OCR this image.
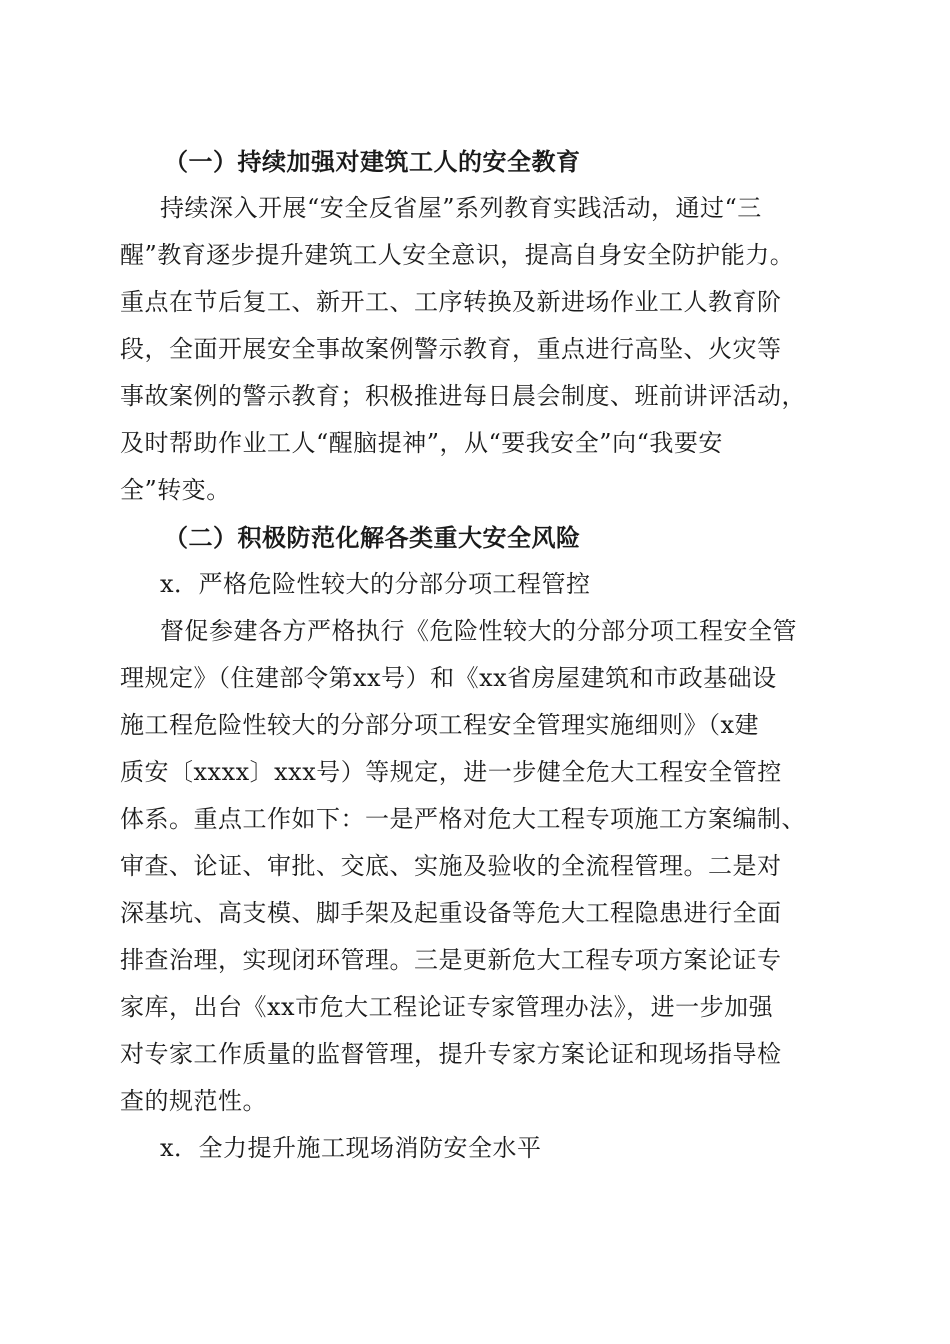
（一）持续加强对建筑工人的安全教育
持续深入开展“安全反省屋”系列教育实践活动，通过“三
醒”教育逐步提升建筑工人安全意识，提高自身安全防护能力。
重点在节后复工、新开工、工序转换及新进场作业工人教育阶
段，全面开展安全事故案例警示教育，重点进行高坠、火灾等
事故案例的警示教育；积极推进每日晨会制度、班前讲评活动，
及时帮助作业工人“醒脑提神”，从“要我安全”向“我要安
全”转变。
（二）积极防范化解各类重大安全风险
x．严格危险性较大的分部分项工程管控
督促参建各方严格执行《危险性较大的分部分项工程安全管
理规定》（住建部令第xx号）和《xx省房屋建筑和市政基础设
施工程危险性较大的分部分项工程安全管理实施细则》（x建
质安〔xxxx〕xxx号）等规定，进一步健全危大工程安全管控
体系。重点工作如下：一是严格对危大工程专项施工方案编制、
审查、论证、审批、交底、实施及验收的全流程管理。二是对
深基坑、高支模、脚手架及起重设备等危大工程隐患进行全面
排查治理，实现闭环管理。三是更新危大工程专项方案论证专
家库，出台《xx市危大工程论证专家管理办法》，进一步加强
对专家工作质量的监督管理，提升专家方案论证和现场指导检
查的规范性。
x．全力提升施工现场消防安全水平
